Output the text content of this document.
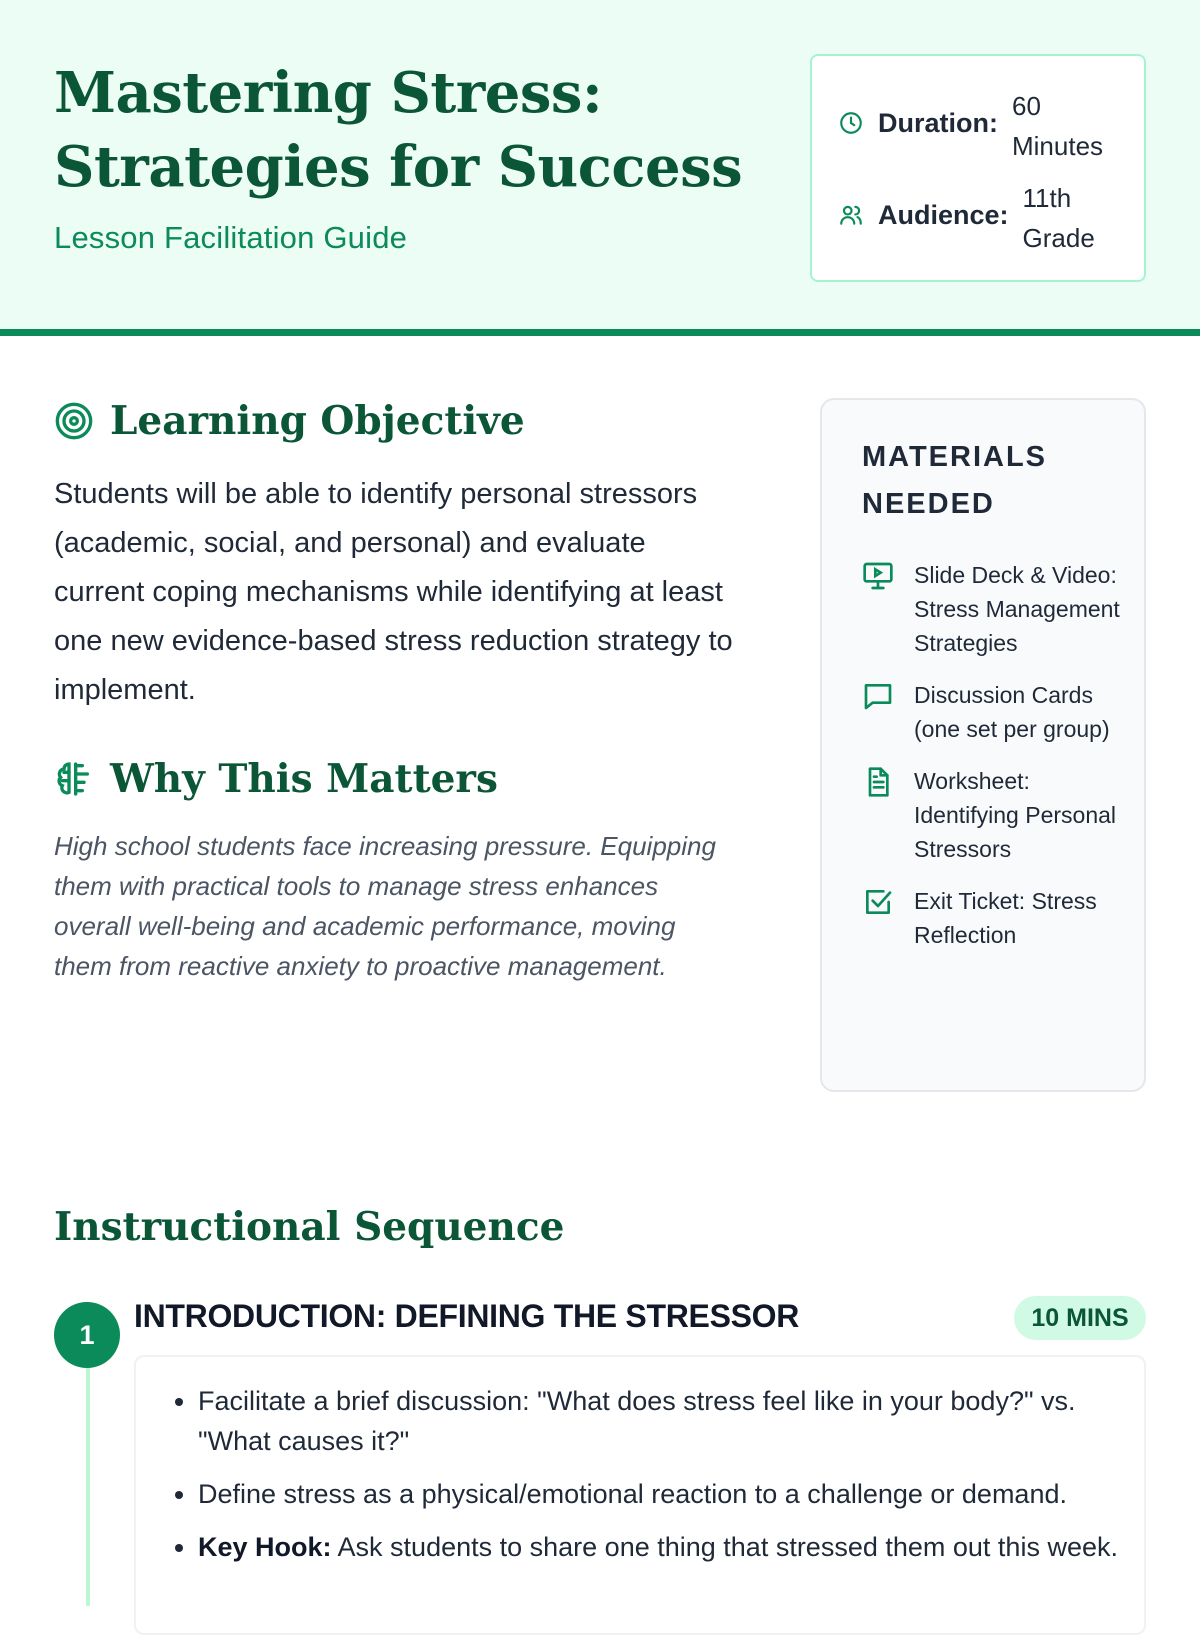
Mastering Stress: Strategies for Success
Lesson Facilitation Guide
Duration:
60 Minutes
Audience:
11th Grade
Learning Objective
Students will be able to identify personal stressors (academic, social, and personal) and evaluate current coping mechanisms while identifying at least one new evidence-based stress reduction strategy to implement.
Why This Matters
High school students face increasing pressure. Equipping them with practical tools to manage stress enhances overall well-being and academic performance, moving them from reactive anxiety to proactive management.
MATERIALS NEEDED
Slide Deck & Video: Stress Management Strategies
Discussion Cards (one set per group)
Worksheet: Identifying Personal Stressors
Exit Ticket: Stress Reflection
Instructional Sequence
1
INTRODUCTION: DEFINING THE STRESSOR	10 MINS
• Facilitate a brief discussion: "What does stress feel like in your body?" vs. "What causes it?"
• Define stress as a physical/emotional reaction to a challenge or demand.
• Key Hook: Ask students to share one thing that stressed them out this week.
